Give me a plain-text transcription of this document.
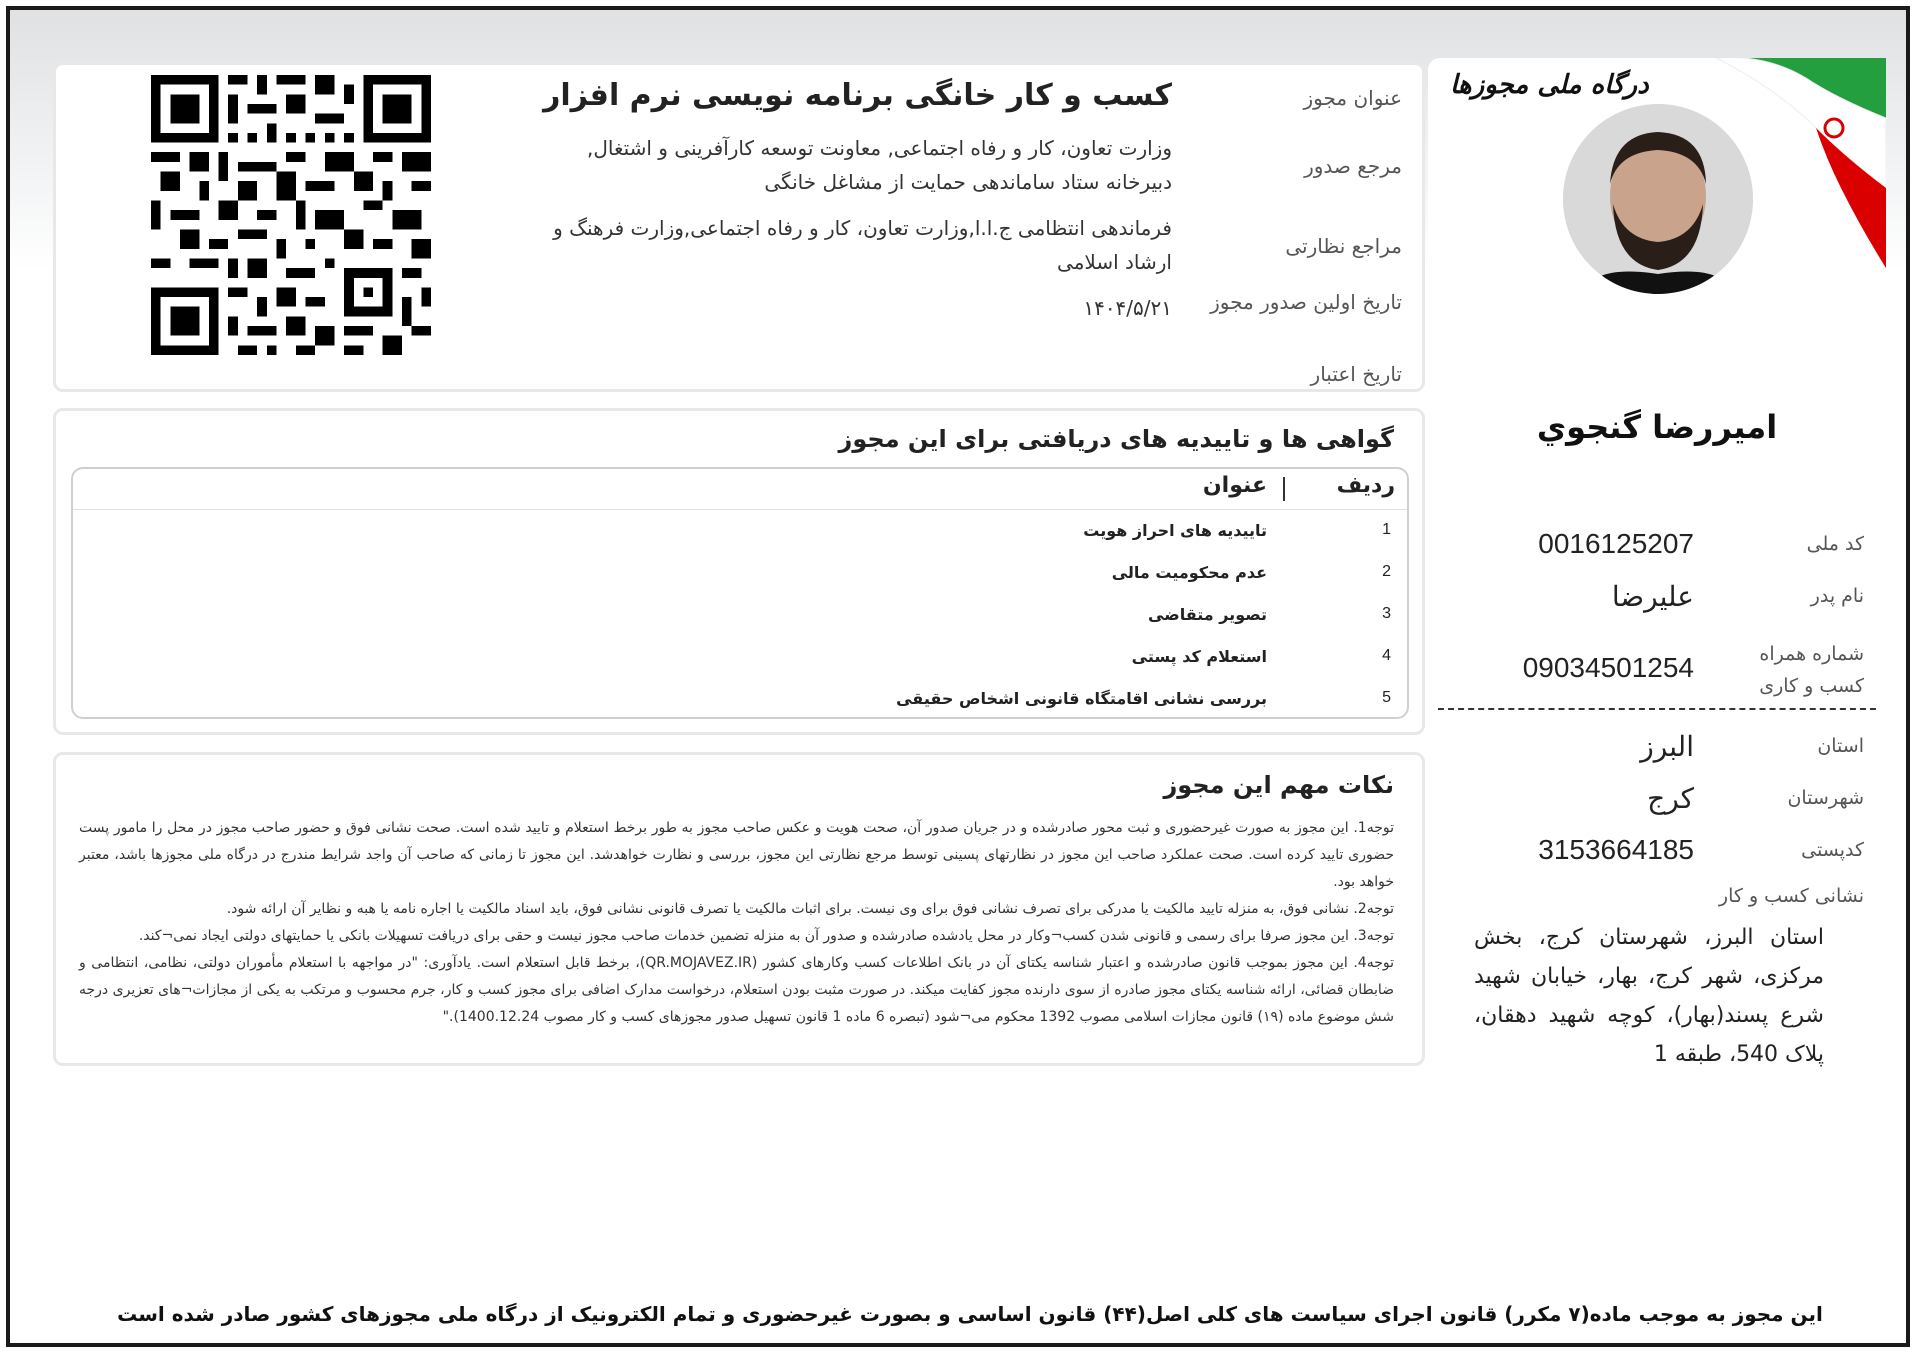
عنوان مجوز
کسب و کار خانگی برنامه نویسی نرم افزار
مرجع صدور
وزارت تعاون، کار و رفاه اجتماعی, معاونت توسعه کارآفرینی و اشتغال, دبیرخانه ستاد ساماندهی حمایت از مشاغل خانگی
مراجع نظارتی
فرماندهی انتظامی ج.ا.ا,وزارت تعاون، کار و رفاه اجتماعی,وزارت فرهنگ و ارشاد اسلامی
تاریخ اولین صدور مجوز
۱۴۰۴/۵/۲۱
تاریخ اعتبار
گواهی ها و تاییدیه های دریافتی برای این مجوز
ردیف
عنوان
1
تاییدیه های احراز هویت
2
عدم محکومیت مالی
3
تصویر متقاضی
4
استعلام کد پستی
5
بررسی نشانی اقامتگاه قانونی اشخاص حقیقی
نکات مهم این مجوز

توجه1. این مجوز به صورت غیرحضوری و ثبت محور صادرشده و در جریان صدور آن، صحت هویت و عکس صاحب مجوز به طور برخط استعلام و تایید شده است. صحت نشانی فوق و حضور صاحب مجوز در محل را مامور پست حضوری تایید کرده است. صحت عملکرد صاحب این مجوز در نظارتهای پسینی توسط مرجع نظارتی این مجوز، بررسی و نظارت خواهدشد. این مجوز تا زمانی که صاحب آن واجد شرایط مندرج در درگاه ملی مجوزها باشد، معتبر خواهد بود.

توجه2. نشانی فوق، به منزله تایید مالکیت یا مدرکی برای تصرف نشانی فوق برای وی نیست. برای اثبات مالکیت یا تصرف قانونی نشانی فوق، باید اسناد مالکیت یا اجاره نامه یا هبه و نظایر آن ارائه شود.

توجه3. این مجوز صرفا برای رسمی و قانونی شدن کسب¬وکار در محل یادشده صادرشده و صدور آن به منزله تضمین خدمات صاحب مجوز نیست و حقی برای دریافت تسهیلات بانکی یا حمایتهای دولتی ایجاد نمی¬کند.

توجه4. این مجوز بموجب قانون صادرشده و اعتبار شناسه یکتای آن در بانک اطلاعات کسب وکارهای کشور (QR.MOJAVEZ.IR)، برخط قابل استعلام است. یادآوری: "در مواجهه با استعلام مأموران دولتی، نظامی، انتظامی و ضابطان قضائی، ارائه شناسه یکتای مجوز صادره از سوی دارنده مجوز کفایت میکند. در صورت مثبت بودن استعلام، درخواست مدارک اضافی برای مجوز کسب و کار، جرم محسوب و مرتکب به یکی از مجازات¬های تعزیری درجه شش موضوع ماده (۱۹) قانون مجازات اسلامی مصوب 1392 محکوم می¬شود (تبصره 6 ماده 1 قانون تسهیل صدور مجوزهای کسب و کار مصوب 1400.12.24)."

درگاه ملی مجوزها
اميررضا گنجوي
کد ملی
0016125207
نام پدر
علیرضا
شماره همراه کسب و کاری
09034501254
استان
البرز
شهرستان
کرج
کدپستی
3153664185
نشانی کسب و کار
استان البرز، شهرستان کرج، بخش مرکزی، شهر کرج، بهار، خیابان شهید شرع پسند(بهار)، کوچه شهید دهقان، پلاک 540، طبقه 1
این مجوز به موجب ماده(۷ مکرر) قانون اجرای سیاست های کلی اصل(۴۴) قانون اساسی و بصورت غیرحضوری و تمام الکترونیک از درگاه ملی مجوزهای کشور صادر شده است
